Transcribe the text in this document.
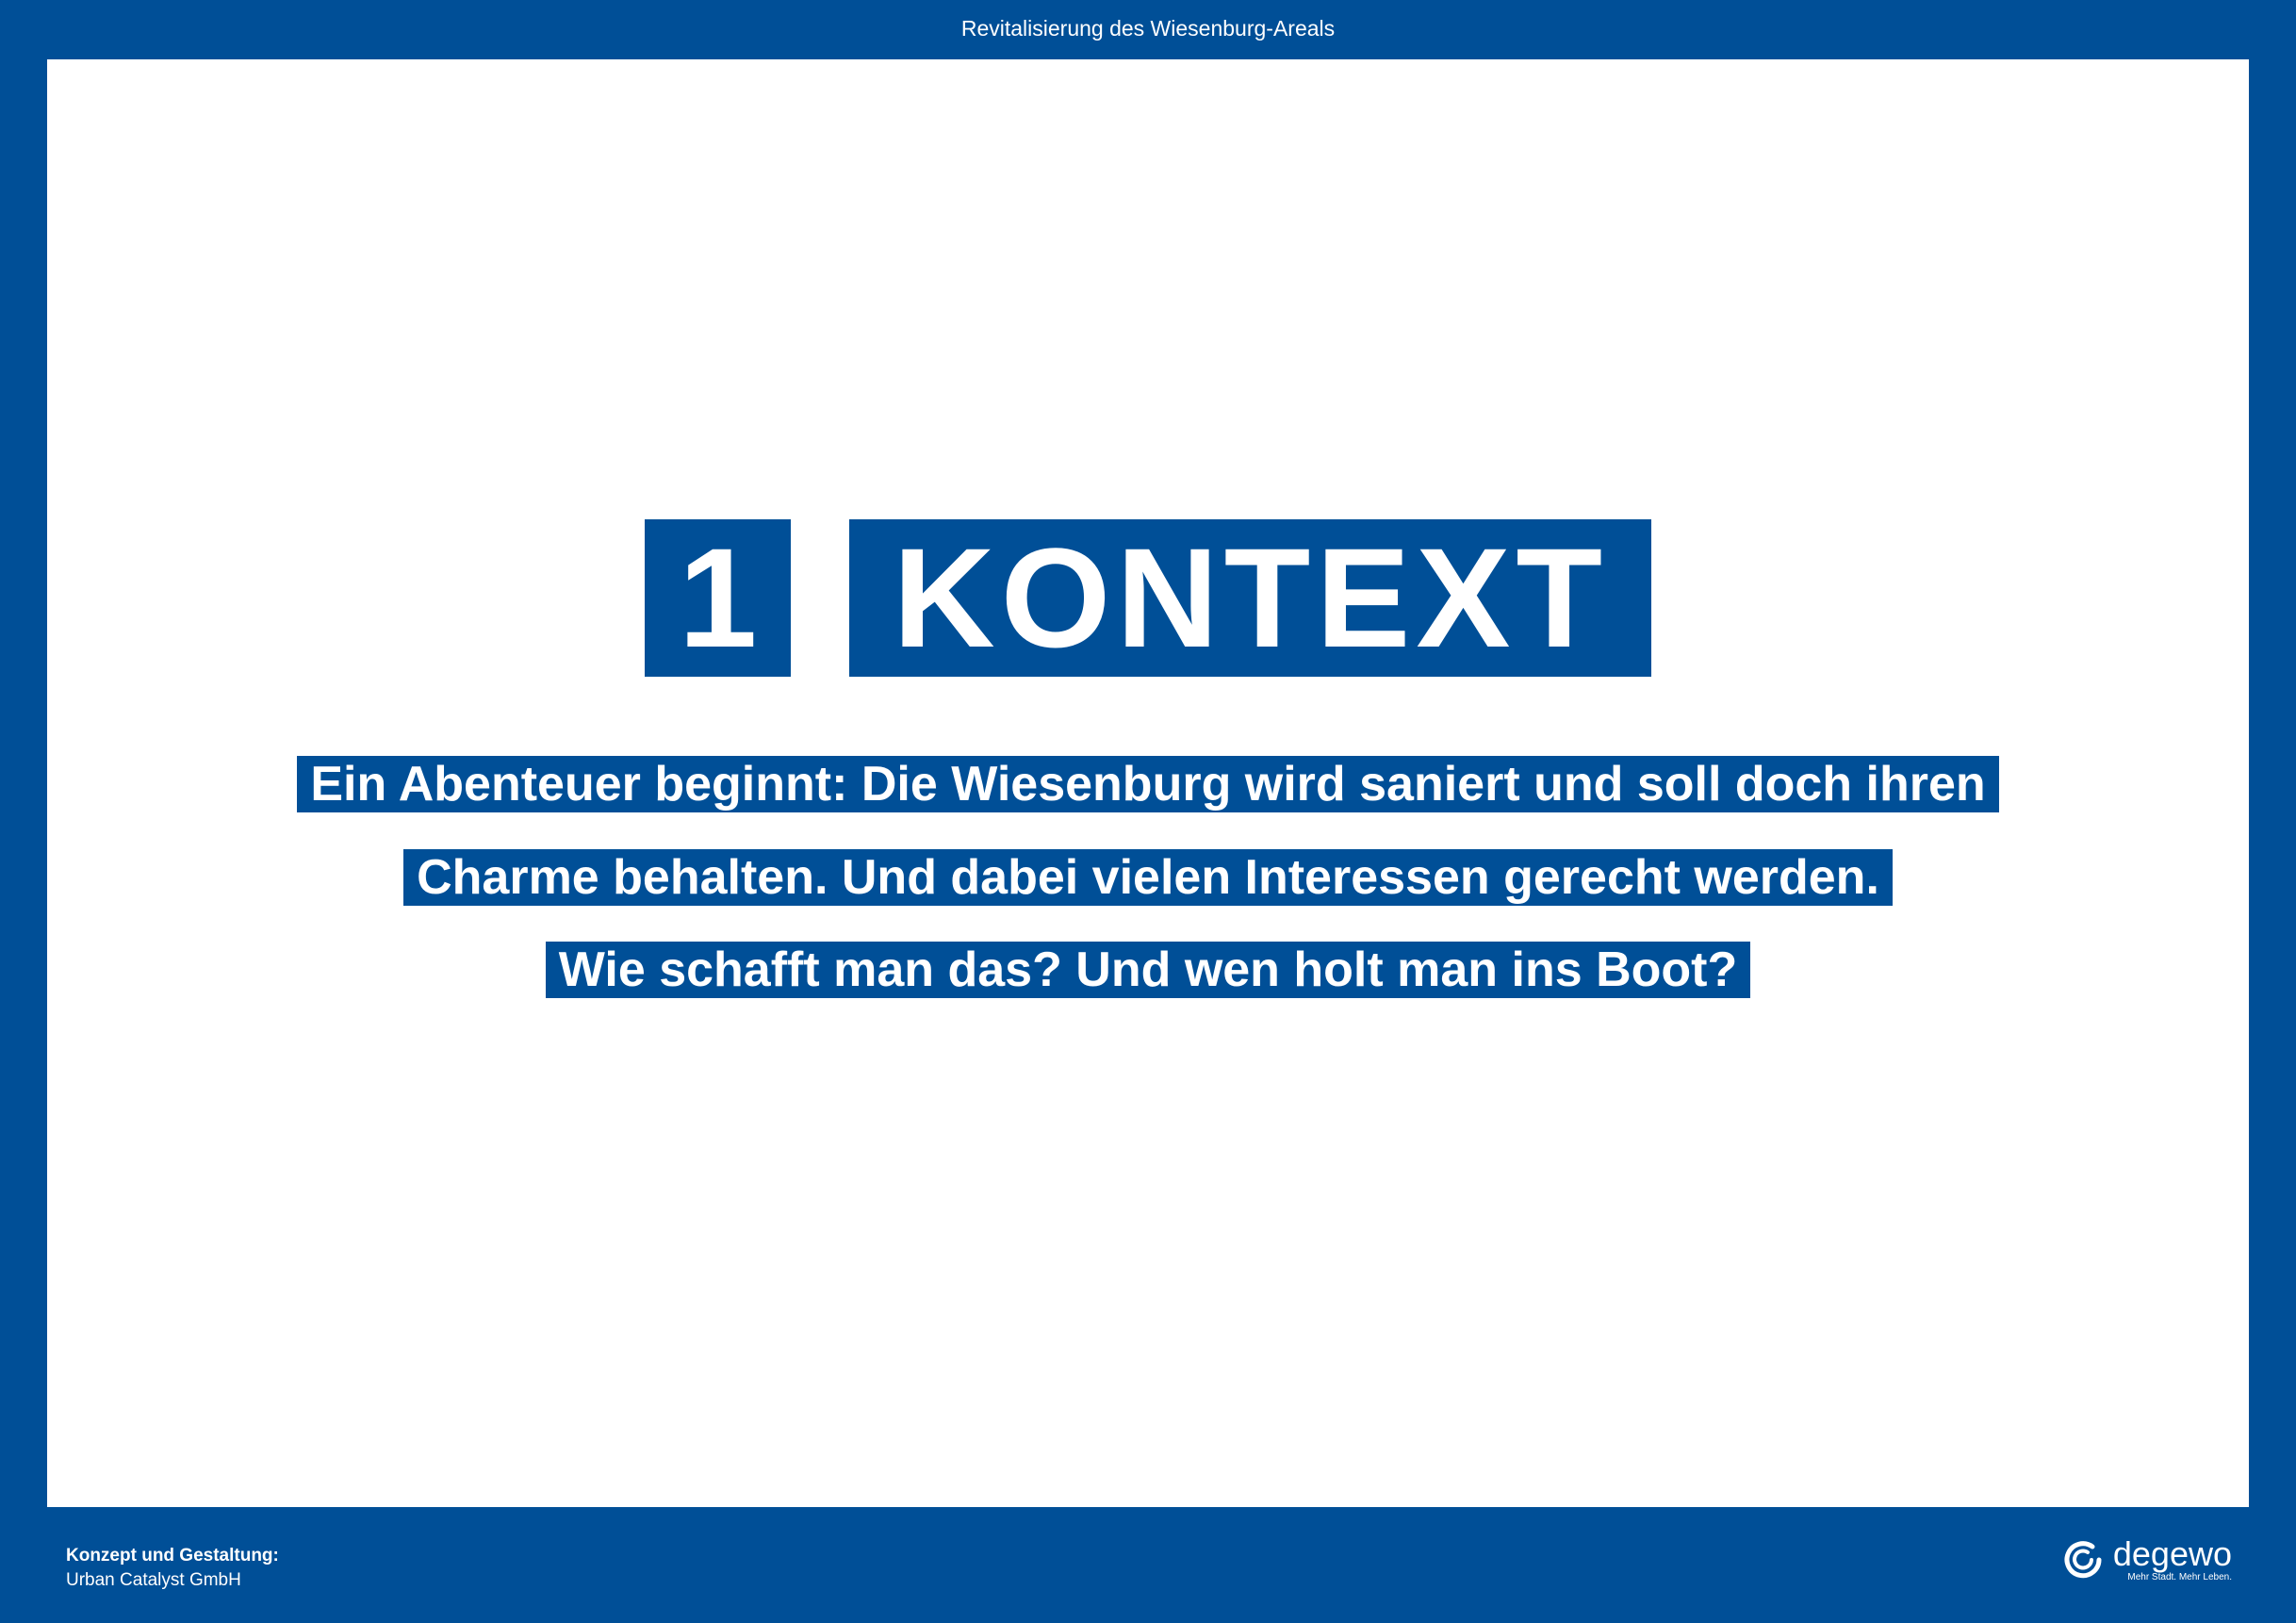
Revitalisierung des Wiesenburg-Areals
1 KONTEXT
Ein Abenteuer beginnt: Die Wiesenburg wird saniert und soll doch ihren
Charme behalten. Und dabei vielen Interessen gerecht werden.
Wie schafft man das? Und wen holt man ins Boot?
Konzept und Gestaltung:
Urban Catalyst GmbH
degewo
Mehr Stadt. Mehr Leben.
